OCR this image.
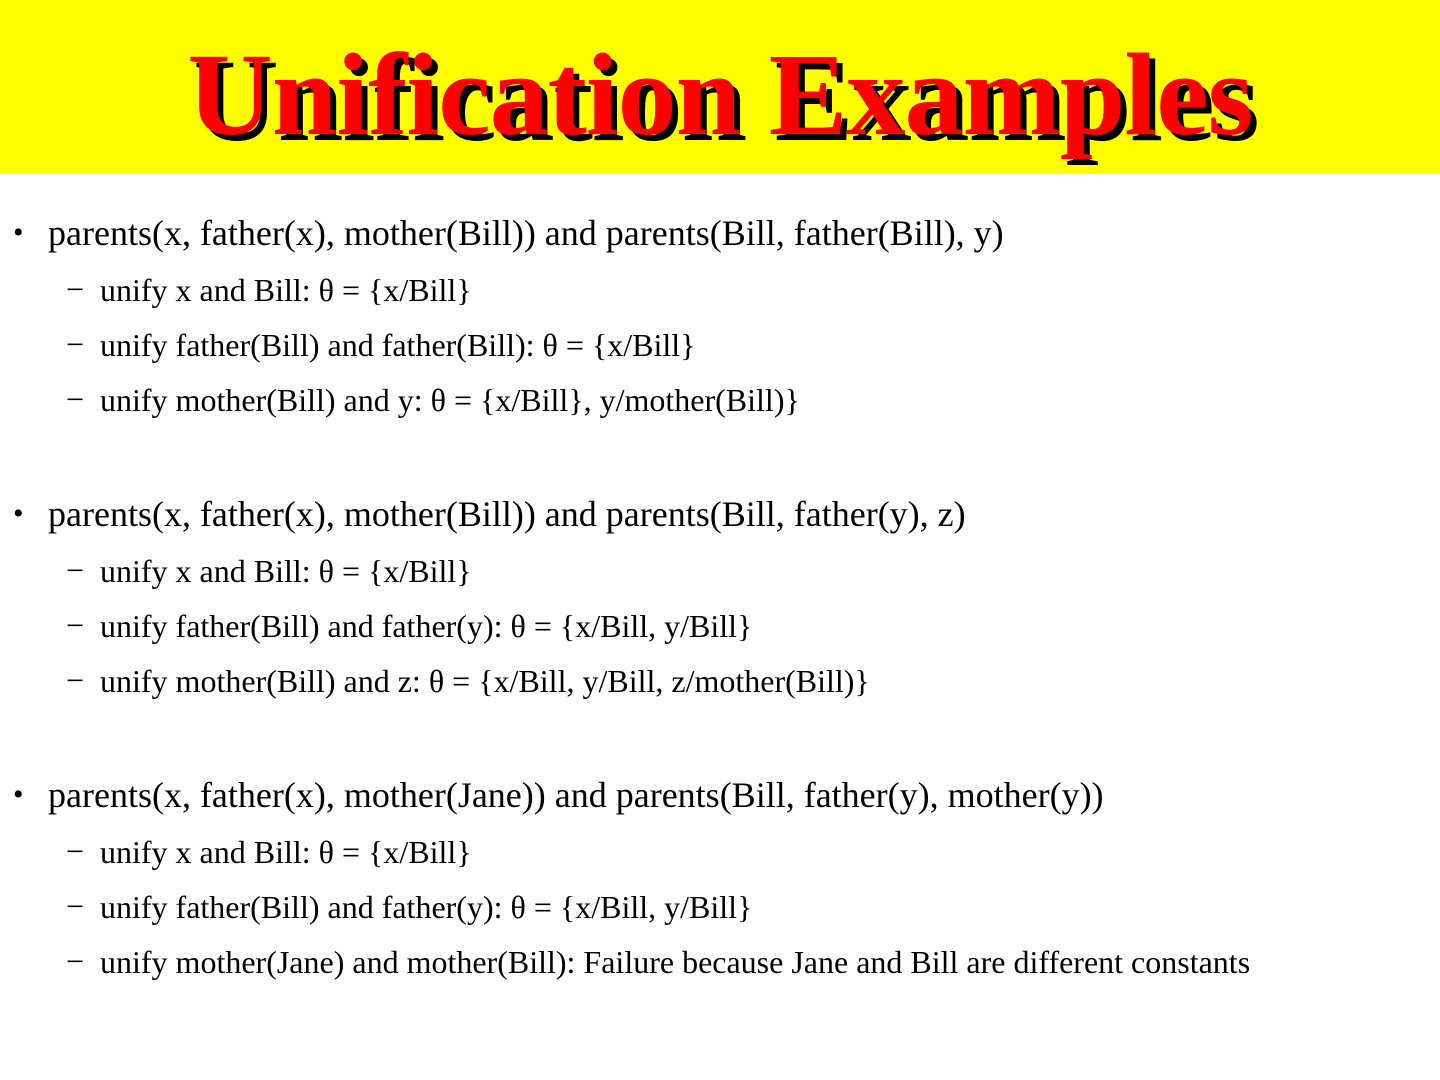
Unification Examples
• parents(x, father(x), mother(Bill)) and parents(Bill, father(Bill), y)
− unify x and Bill: θ = {x/Bill}
− unify father(Bill) and father(Bill): θ = {x/Bill}
− unify mother(Bill) and y: θ = {x/Bill}, y/mother(Bill)}
• parents(x, father(x), mother(Bill)) and parents(Bill, father(y), z)
− unify x and Bill: θ = {x/Bill}
− unify father(Bill) and father(y): θ = {x/Bill, y/Bill}
− unify mother(Bill) and z: θ = {x/Bill, y/Bill, z/mother(Bill)}
• parents(x, father(x), mother(Jane)) and parents(Bill, father(y), mother(y))
− unify x and Bill: θ = {x/Bill}
− unify father(Bill) and father(y): θ = {x/Bill, y/Bill}
− unify mother(Jane) and mother(Bill): Failure because Jane and Bill are different constants
